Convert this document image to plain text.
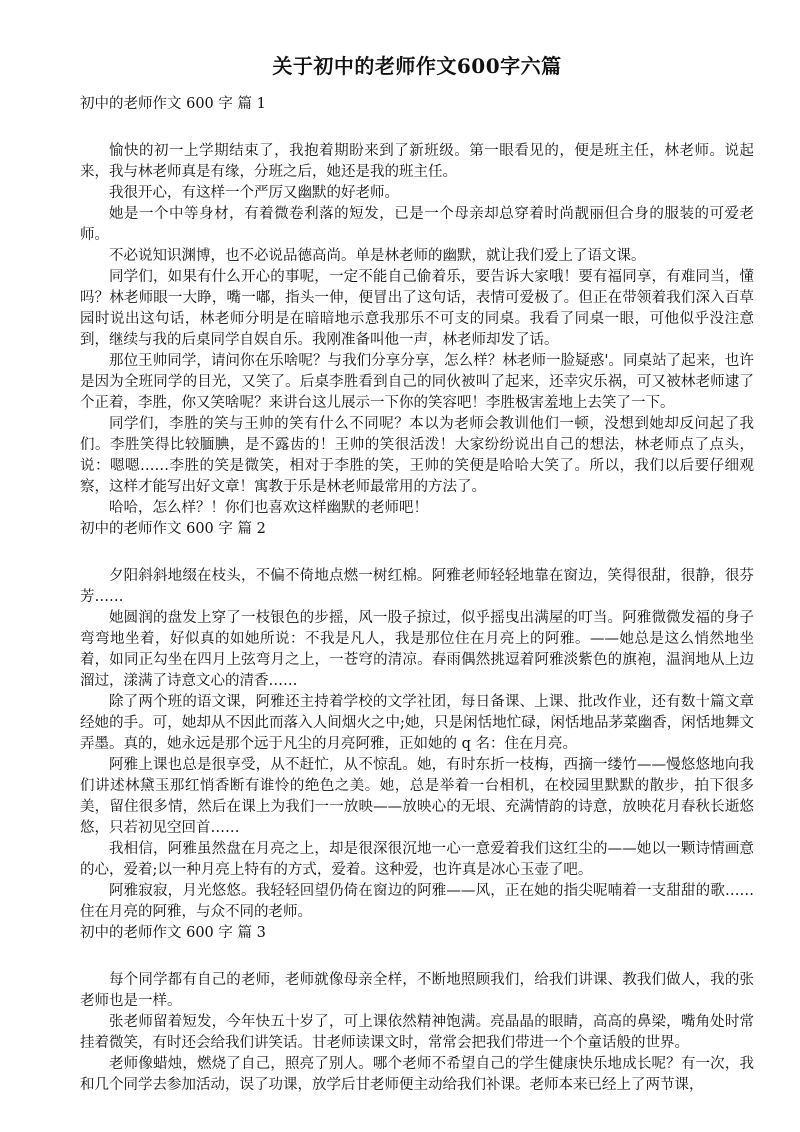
关于初中的老师作文600字六篇

初中的老师作文 600 字 篇 1

愉快的初一上学期结束了，我抱着期盼来到了新班级。第一眼看见的，便是班主任，林老师。说起来，我与林老师真是有缘，分班之后，她还是我的班主任。

我很开心，有这样一个严厉又幽默的好老师。

她是一个中等身材，有着微卷利落的短发，已是一个母亲却总穿着时尚靓丽但合身的服装的可爱老师。

不必说知识渊博，也不必说品德高尚。单是林老师的幽默，就让我们爱上了语文课。

同学们，如果有什么开心的事呢，一定不能自己偷着乐，要告诉大家哦！要有福同享，有难同当，懂吗？林老师眼一大睁，嘴一嘟，指头一伸，便冒出了这句话，表情可爱极了。但正在带领着我们深入百草园时说出这句话，林老师分明是在暗暗地示意我那乐不可支的同桌。我看了同桌一眼，可他似乎没注意到，继续与我的后桌同学自娱自乐。我刚准备叫他一声，林老师却发了话。

那位王帅同学，请问你在乐啥呢？与我们分享分享，怎么样？林老师一脸疑惑'。同桌站了起来，也许是因为全班同学的目光，又笑了。后桌李胜看到自己的同伙被叫了起来，还幸灾乐祸，可又被林老师逮了个正着，李胜，你又笑啥呢？来讲台这儿展示一下你的笑容吧！李胜极害羞地上去笑了一下。

同学们，李胜的笑与王帅的笑有什么不同呢？本以为老师会教训他们一顿，没想到她却反问起了我们。李胜笑得比较腼腆，是不露齿的！王帅的笑很活泼！大家纷纷说出自己的想法，林老师点了点头，说：嗯嗯……李胜的笑是微笑，相对于李胜的笑，王帅的笑便是哈哈大笑了。所以，我们以后要仔细观察，这样才能写出好文章！寓教于乐是林老师最常用的方法了。

哈哈，怎么样？！你们也喜欢这样幽默的老师吧！

初中的老师作文 600 字 篇 2

夕阳斜斜地缀在枝头，不偏不倚地点燃一树红棉。阿雅老师轻轻地靠在窗边，笑得很甜，很静，很芬芳……

她圆润的盘发上穿了一枝银色的步摇，风一股子掠过，似乎摇曳出满屋的叮当。阿雅微微发福的身子弯弯地坐着，好似真的如她所说：不我是凡人，我是那位住在月亮上的阿雅。——她总是这么悄然地坐着，如同正勾坐在四月上弦弯月之上，一苍穹的清凉。春雨偶然挑逗着阿雅淡紫色的旗袍，温润地从上边溜过，漾满了诗意文心的清香……

除了两个班的语文课，阿雅还主持着学校的文学社团，每日备课、上课、批改作业，还有数十篇文章经她的手。可，她却从不因此而落入人间烟火之中;她，只是闲恬地忙碌，闲恬地品茅菜幽香，闲恬地舞文弄墨。真的，她永远是那个远于凡尘的月亮阿雅，正如她的 q 名：住在月亮。

阿雅上课也总是很享受，从不赶忙，从不惊乱。她，有时东折一枝梅，西摘一缕竹——慢悠悠地向我们讲述林黛玉那红悄香断有谁怜的绝色之美。她，总是举着一台相机，在校园里默默的散步，拍下很多美，留住很多情，然后在课上为我们一一放映——放映心的无垠、充满情韵的诗意，放映花月春秋长逝悠悠，只若初见空回首……

我相信，阿雅虽然盘在月亮之上，却是很深很沉地一心一意爱着我们这红尘的——她以一颗诗情画意的心，爱着;以一种月亮上特有的方式，爱着。这种爱，也许真是冰心玉壶了吧。

阿雅寂寂，月光悠悠。我轻轻回望仍倚在窗边的阿雅——风，正在她的指尖呢喃着一支甜甜的歌……住在月亮的阿雅，与众不同的老师。

初中的老师作文 600 字 篇 3

每个同学都有自己的老师，老师就像母亲全样，不断地照顾我们，给我们讲课、教我们做人，我的张老师也是一样。

张老师留着短发，今年快五十岁了，可上课依然精神饱满。亮晶晶的眼睛，高高的鼻梁，嘴角处时常挂着微笑，有时还会给我们讲笑话。甘老师读课文时，常常会把我们带进一个个童话般的世界。

老师像蜡烛，燃烧了自己，照亮了别人。哪个老师不希望自己的学生健康快乐地成长呢？有一次，我和几个同学去参加活动，误了功课，放学后甘老师便主动给我们补课。老师本来已经上了两节课，
